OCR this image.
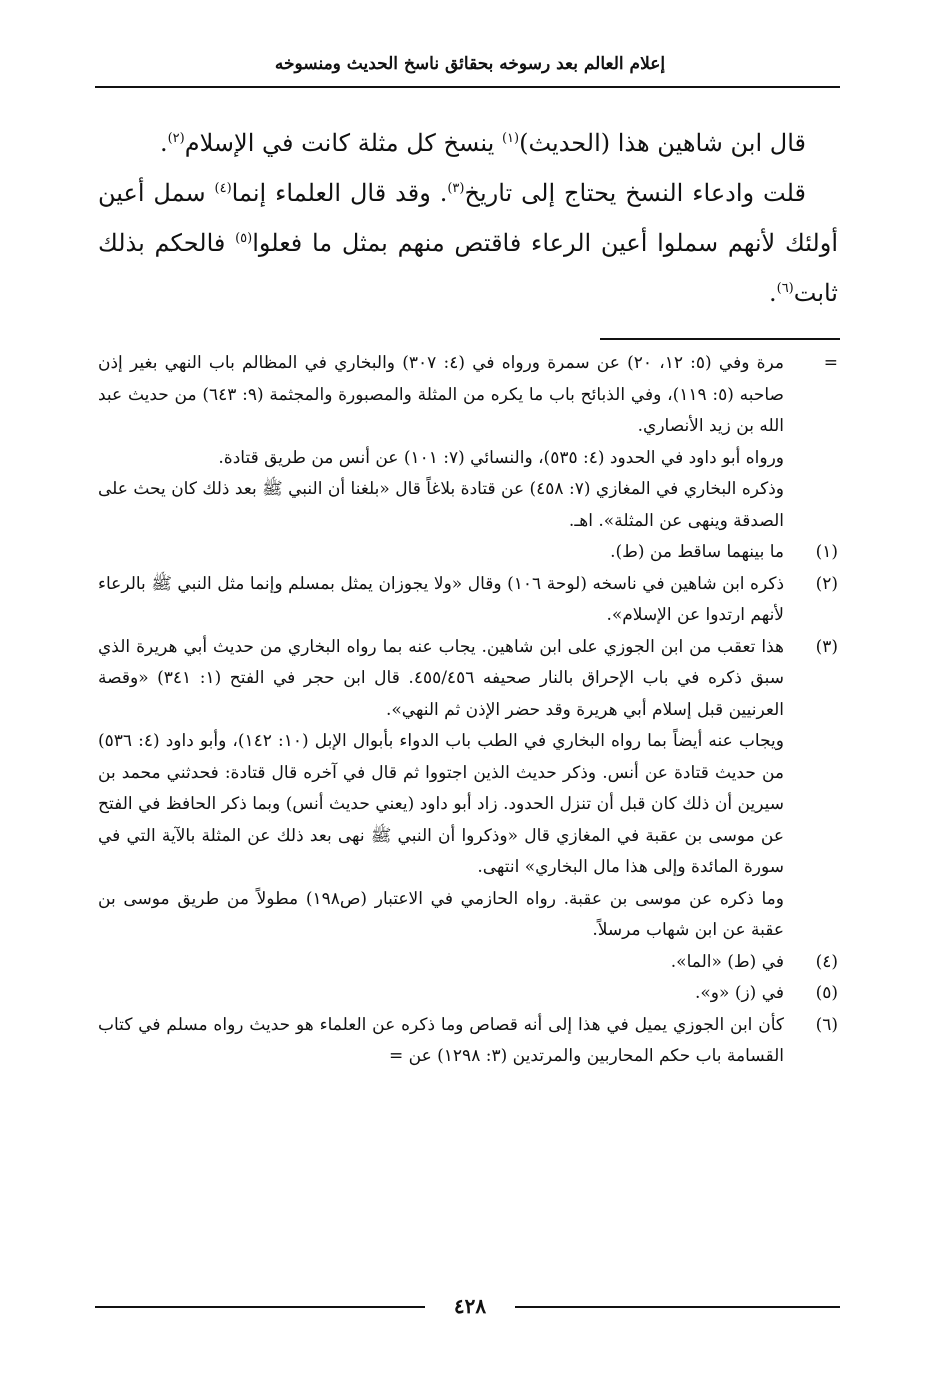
إعلام العالم بعد رسوخه بحقائق ناسخ الحديث ومنسوخه

قال ابن شاهين هذا (الحديث)$^{(١)}$ ينسخ كل مثلة كانت في الإسلام$^{(٢)}$.

قلت وادعاء النسخ يحتاج إلى تاريخ$^{(٣)}$. وقد قال العلماء إنما$^{(٤)}$ سمل أعين أولئك لأنهم سملوا أعين الرعاء فاقتص منهم بمثل ما فعلوا$^{(٥)}$ فالحكم بذلك ثابت$^{(٦)}$.

=

مرة وفي (٥: ١٢، ٢٠) عن سمرة ورواه في (٤: ٣٠٧) والبخاري في المظالم باب النهي بغير إذن صاحبه (٥: ١١٩)، وفي الذبائح باب ما يكره من المثلة والمصبورة والمجثمة (٩: ٦٤٣) من حديث عبد الله بن زيد الأنصاري.

ورواه أبو داود في الحدود (٤: ٥٣٥)، والنسائي (٧: ١٠١) عن أنس من طريق قتادة.

وذكره البخاري في المغازي (٧: ٤٥٨) عن قتادة بلاغاً قال «بلغنا أن النبي ﷺ بعد ذلك كان يحث على الصدقة وينهى عن المثلة». اهـ.

(١)
ما بينهما ساقط من (ط).
(٢)
ذكره ابن شاهين في ناسخه (لوحة ١٠٦) وقال «ولا يجوزان يمثل بمسلم وإنما مثل النبي ﷺ بالرعاء لأنهم ارتدوا عن الإسلام».
(٣)

هذا تعقب من ابن الجوزي على ابن شاهين. يجاب عنه بما رواه البخاري من حديث أبي هريرة الذي سبق ذكره في باب الإحراق بالنار صحيفه ٤٥٥/٤٥٦. قال ابن حجر في الفتح (١: ٣٤١) «وقصة العرنيين قبل إسلام أبي هريرة وقد حضر الإذن ثم النهي».

ويجاب عنه أيضاً بما رواه البخاري في الطب باب الدواء بأبوال الإبل (١٠: ١٤٢)، وأبو داود (٤: ٥٣٦) من حديث قتادة عن أنس. وذكر حديث الذين اجتووا ثم قال في آخره قال قتادة: فحدثني محمد بن سيرين أن ذلك كان قبل أن تنزل الحدود. زاد أبو داود (يعني حديث أنس) وبما ذكر الحافظ في الفتح عن موسى بن عقبة في المغازي قال «وذكروا أن النبي ﷺ نهى بعد ذلك عن المثلة بالآية التي في سورة المائدة وإلى هذا مال البخاري» انتهى.

وما ذكره عن موسى بن عقبة. رواه الحازمي في الاعتبار (ص١٩٨) مطولاً من طريق موسى بن عقبة عن ابن شهاب مرسلاً.

(٤)
في (ط) «الما».
(٥)
في (ز) «و».
(٦)
كأن ابن الجوزي يميل في هذا إلى أنه قصاص وما ذكره عن العلماء هو حديث رواه مسلم في كتاب القسامة باب حكم المحاربين والمرتدين (٣: ١٢٩٨) عن =
٤٢٨
